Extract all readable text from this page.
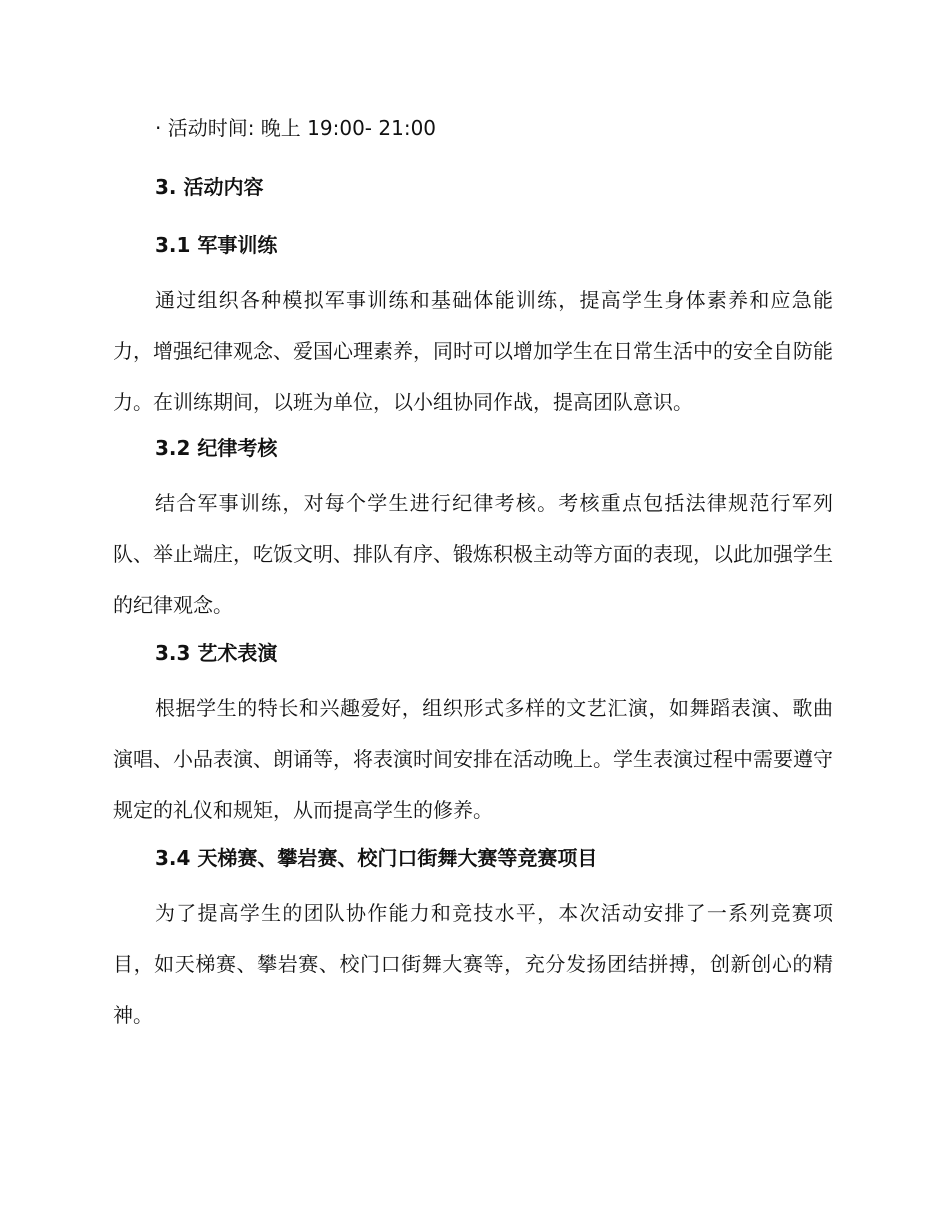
· 活动时间: 晚上 19:00- 21:00
3. 活动内容
3.1 军事训练
通过组织各种模拟军事训练和基础体能训练，提高学生身体素养和应急能力，增强纪律观念、爱国心理素养，同时可以增加学生在日常生活中的安全自防能力。在训练期间，以班为单位，以小组协同作战，提高团队意识。
3.2 纪律考核
结合军事训练，对每个学生进行纪律考核。考核重点包括法律规范行军列队、举止端庄，吃饭文明、排队有序、锻炼积极主动等方面的表现，以此加强学生的纪律观念。
3.3 艺术表演
根据学生的特长和兴趣爱好，组织形式多样的文艺汇演，如舞蹈表演、歌曲演唱、小品表演、朗诵等，将表演时间安排在活动晚上。学生表演过程中需要遵守规定的礼仪和规矩，从而提高学生的修养。
3.4 天梯赛、攀岩赛、校门口街舞大赛等竞赛项目
为了提高学生的团队协作能力和竞技水平，本次活动安排了一系列竞赛项目，如天梯赛、攀岩赛、校门口街舞大赛等，充分发扬团结拼搏，创新创心的精神。
